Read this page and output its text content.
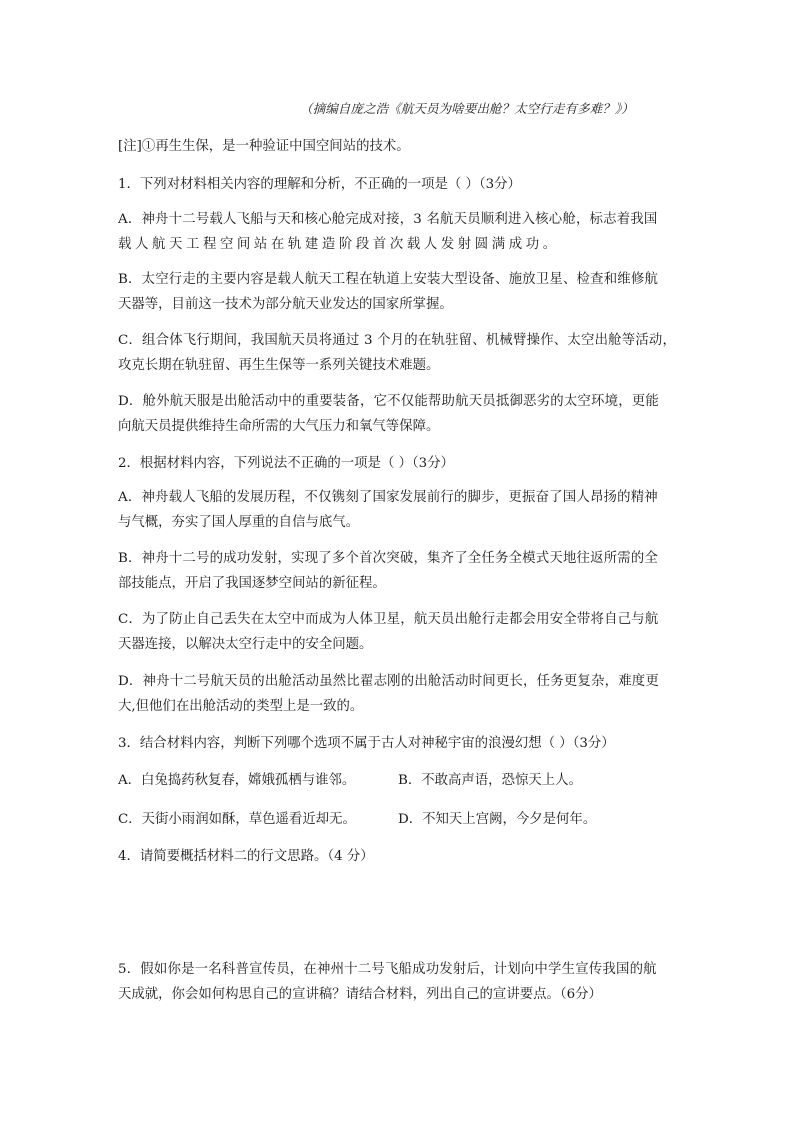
（摘编自庞之浩《航天员为啥要出舱？太空行走有多难？》）
[注]①再生生保，是一种验证中国空间站的技术。
1．下列对材料相关内容的理解和分析，不正确的一项是（ ）（3分）
A．神舟十二号载人飞船与天和核心舱完成对接，3 名航天员顺利进入核心舱，标志着我国
载人航天工程空间站在轨建造阶段首次载人发射圆满成功。
B．太空行走的主要内容是载人航天工程在轨道上安装大型设备、施放卫星、检查和维修航
天器等，目前这一技术为部分航天业发达的国家所掌握。
C．组合体飞行期间，我国航天员将通过 3 个月的在轨驻留、机械臂操作、太空出舱等活动，
攻克长期在轨驻留、再生生保等一系列关键技术难题。
D．舱外航天服是出舱活动中的重要装备，它不仅能帮助航天员抵御恶劣的太空环境，更能
向航天员提供维持生命所需的大气压力和氧气等保障。
2．根据材料内容，下列说法不正确的一项是（ ）（3分）
A．神舟载人飞船的发展历程，不仅镌刻了国家发展前行的脚步，更振奋了国人昂扬的精神
与气概，夯实了国人厚重的自信与底气。
B．神舟十二号的成功发射，实现了多个首次突破，集齐了全任务全模式天地往返所需的全
部技能点，开启了我国逐梦空间站的新征程。
C．为了防止自己丢失在太空中而成为人体卫星，航天员出舱行走都会用安全带将自己与航
天器连接，以解决太空行走中的安全问题。
D．神舟十二号航天员的出舱活动虽然比翟志刚的出舱活动时间更长，任务更复杂，难度更
大,但他们在出舱活动的类型上是一致的。
3．结合材料内容，判断下列哪个选项不属于古人对神秘宇宙的浪漫幻想（ ）（3分）
A．白兔捣药秋复春，嫦娥孤栖与谁邻。	B．不敢高声语，恐惊天上人。
C．天街小雨润如酥，草色遥看近却无。	D．不知天上宫阙，今夕是何年。
4．请简要概括材料二的行文思路。（4 分）
5．假如你是一名科普宣传员，在神州十二号飞船成功发射后，计划向中学生宣传我国的航
天成就，你会如何构思自己的宣讲稿？请结合材料，列出自己的宣讲要点。（6分）
